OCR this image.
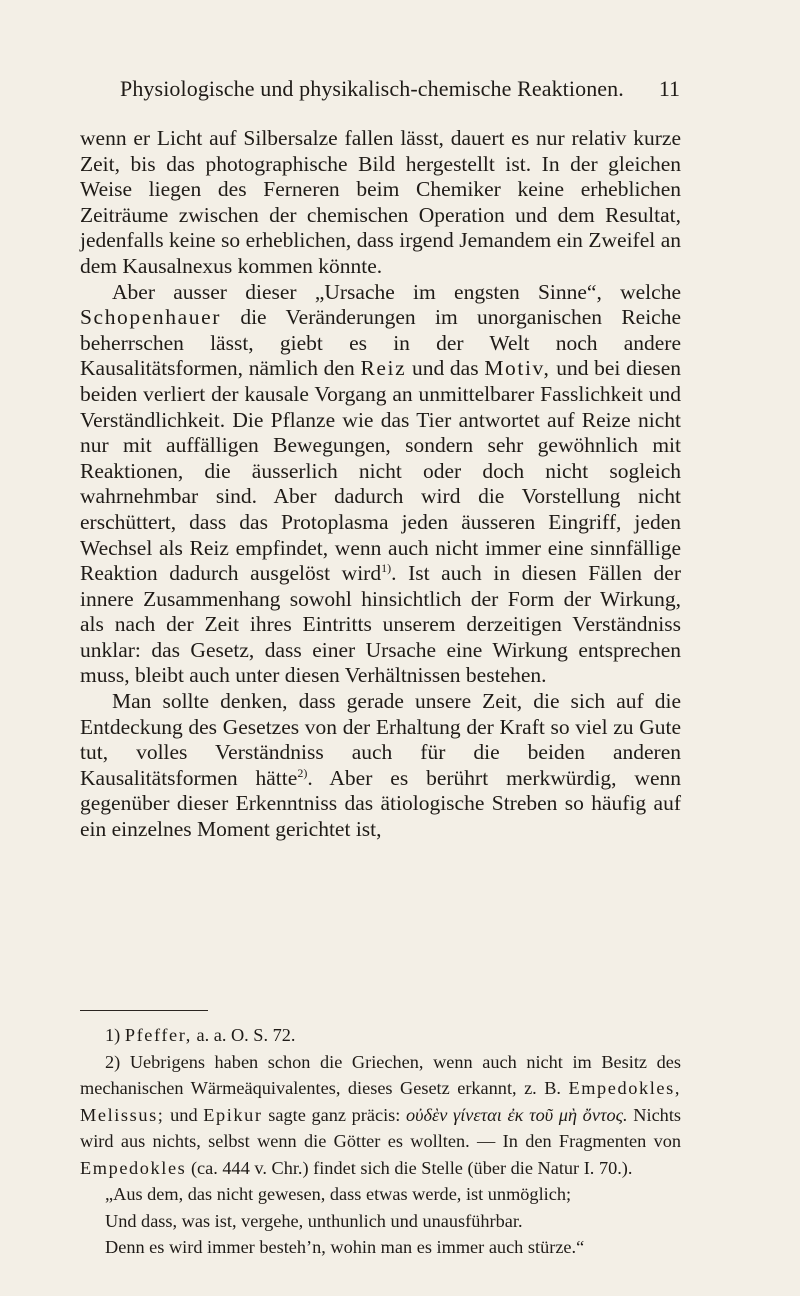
Physiologische und physikalisch-chemische Reaktionen. 11

wenn er Licht auf Silbersalze fallen lässt, dauert es nur relativ kurze Zeit, bis das photographische Bild hergestellt ist. In der gleichen Weise liegen des Ferneren beim Chemiker keine erheblichen Zeiträume zwischen der chemischen Operation und dem Resultat, jedenfalls keine so erheblichen, dass irgend Jemandem ein Zweifel an dem Kausalnexus kommen könnte.

Aber ausser dieser „Ursache im engsten Sinne“, welche Schopenhauer die Veränderungen im unorganischen Reiche beherrschen lässt, giebt es in der Welt noch andere Kausalitätsformen, nämlich den Reiz und das Motiv, und bei diesen beiden verliert der kausale Vorgang an unmittelbarer Fasslichkeit und Verständlichkeit. Die Pflanze wie das Tier antwortet auf Reize nicht nur mit auffälligen Bewegungen, sondern sehr gewöhnlich mit Reaktionen, die äusserlich nicht oder doch nicht sogleich wahrnehmbar sind. Aber dadurch wird die Vorstellung nicht erschüttert, dass das Protoplasma jeden äusseren Eingriff, jeden Wechsel als Reiz empfindet, wenn auch nicht immer eine sinnfällige Reaktion dadurch ausgelöst wird$^{1)}$. Ist auch in diesen Fällen der innere Zusammenhang sowohl hinsichtlich der Form der Wirkung, als nach der Zeit ihres Eintritts unserem derzeitigen Verständniss unklar: das Gesetz, dass einer Ursache eine Wirkung entsprechen muss, bleibt auch unter diesen Verhältnissen bestehen.

Man sollte denken, dass gerade unsere Zeit, die sich auf die Entdeckung des Gesetzes von der Erhaltung der Kraft so viel zu Gute tut, volles Verständniss auch für die beiden anderen Kausalitätsformen hätte$^{2)}$. Aber es berührt merkwürdig, wenn gegenüber dieser Erkenntniss das ätiologische Streben so häufig auf ein einzelnes Moment gerichtet ist,

1) Pfeffer, a. a. O. S. 72.

2) Uebrigens haben schon die Griechen, wenn auch nicht im Besitz des mechanischen Wärmeäquivalentes, dieses Gesetz erkannt, z. B. Empedokles, Melissus; und Epikur sagte ganz präcis: οὐδὲν γίνεται ἐκ τοῦ μὴ ὄντος. Nichts wird aus nichts, selbst wenn die Götter es wollten. — In den Fragmenten von Empedokles (ca. 444 v. Chr.) findet sich die Stelle (über die Natur I. 70.).

„Aus dem, das nicht gewesen, dass etwas werde, ist unmöglich;

Und dass, was ist, vergehe, unthunlich und unausführbar.

Denn es wird immer besteh’n, wohin man es immer auch stürze.“
